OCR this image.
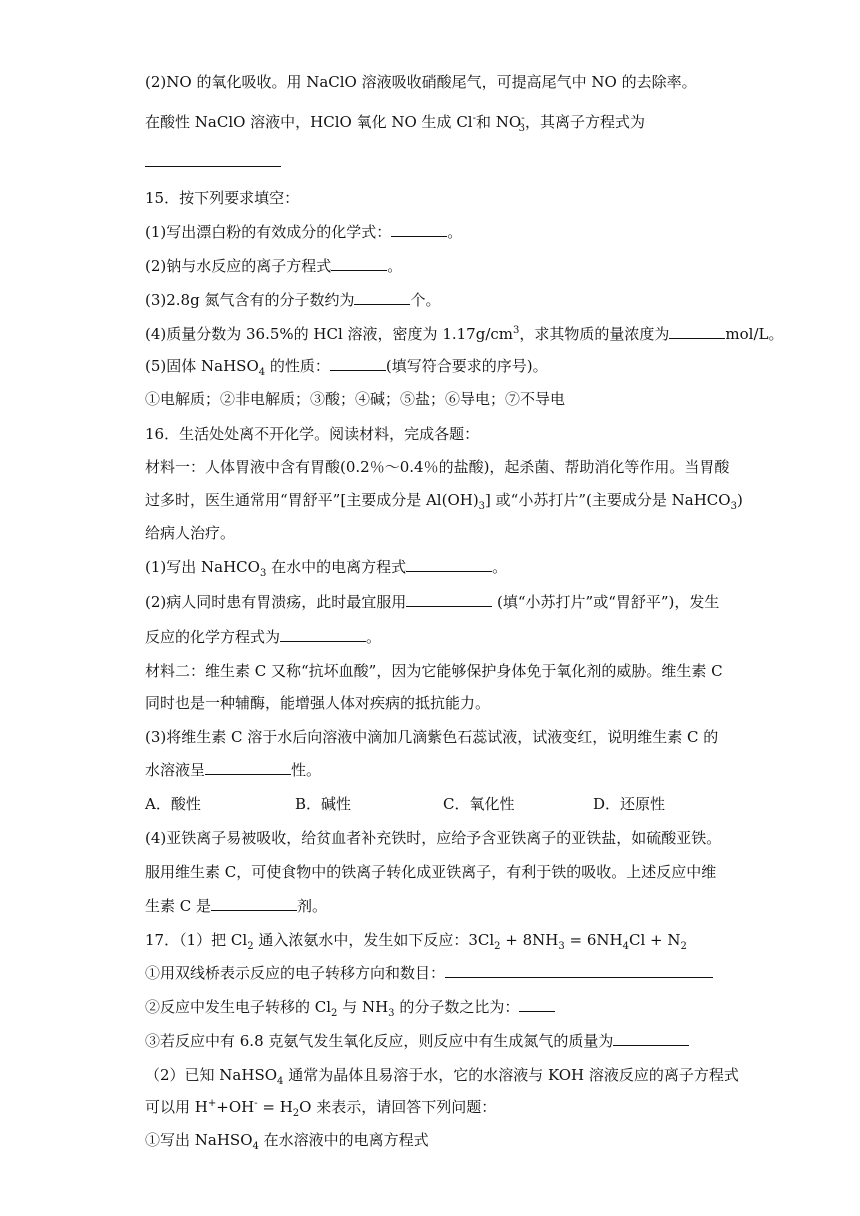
(2)NO 的氧化吸收。用 NaClO 溶液吸收硝酸尾气，可提高尾气中 NO 的去除率。
在酸性 NaClO 溶液中，HClO 氧化 NO 生成 Cl-和 $NO^-_3$，其离子方程式为
15．按下列要求填空：
(1)写出漂白粉的有效成分的化学式：	。
(2)钠与水反应的离子方程式	。
(3)2.8g 氮气含有的分子数约为	个。
(4)质量分数为 36.5%的 HCl 溶液，密度为 $1.17g/cm^3$，求其物质的量浓度为	mol/L。
(5)固体 NaHSO$_4$ 的性质：	(填写符合要求的序号)。
①电解质；②非电解质；③酸；④碱；⑤盐；⑥导电；⑦不导电
16．生活处处离不开化学。阅读材料，完成各题：
材料一：人体胃液中含有胃酸(0.2％～0.4％的盐酸)，起杀菌、帮助消化等作用。当胃酸
过多时，医生通常用“胃舒平”[主要成分是 $Al(OH)_3$] 或“小苏打片”(主要成分是 NaHCO$_3$)
给病人治疗。
(1)写出 NaHCO$_3$ 在水中的电离方程式	。
(2)病人同时患有胃溃疡，此时最宜服用	(填“小苏打片”或“胃舒平”)，发生
反应的化学方程式为	。
材料二：维生素 C 又称“抗坏血酸”，因为它能够保护身体免于氧化剂的威胁。维生素 C
同时也是一种辅酶，能增强人体对疾病的抵抗能力。
(3)将维生素 C 溶于水后向溶液中滴加几滴紫色石蕊试液，试液变红，说明维生素 C 的
水溶液呈	性。
A．酸性	B．碱性	C．氧化性	D．还原性
(4)亚铁离子易被吸收，给贫血者补充铁时，应给予含亚铁离子的亚铁盐，如硫酸亚铁。
服用维生素 C，可使食物中的铁离子转化成亚铁离子，有利于铁的吸收。上述反应中维
生素 C 是	剂。
17．（1）把 $Cl_2$ 通入浓氨水中，发生如下反应：$3Cl_2 + 8NH_3 = 6NH_4Cl + N_2$
①用双线桥表示反应的电子转移方向和数目：
②反应中发生电子转移的 $Cl_2$ 与 $NH_3$ 的分子数之比为：
③若反应中有 6.8 克氨气发生氧化反应，则反应中有生成氮气的质量为
（2）已知 NaHSO$_4$ 通常为晶体且易溶于水，它的水溶液与 KOH 溶液反应的离子方程式
可以用 $H^++OH^- = H_2O$ 来表示，请回答下列问题：
①写出 NaHSO$_4$ 在水溶液中的电离方程式
